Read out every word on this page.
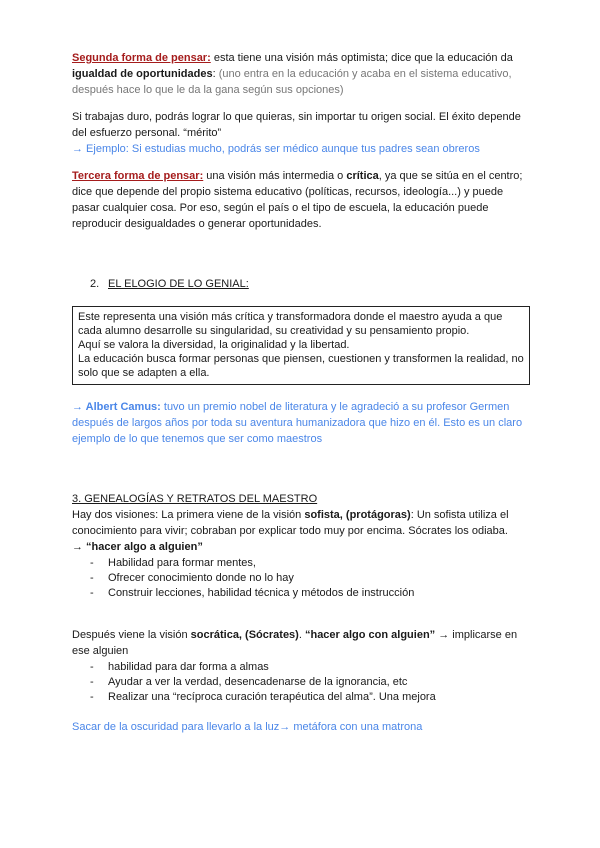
Segunda forma de pensar: esta tiene una visión más optimista; dice que la educación da igualdad de oportunidades: (uno entra en la educación y acaba en el sistema educativo, después hace lo que le da la gana según sus opciones)

Si trabajas duro, podrás lograr lo que quieras, sin importar tu origen social. El éxito depende del esfuerzo personal. “mérito”

→ Ejemplo: Si estudias mucho, podrás ser médico aunque tus padres sean obreros

Tercera forma de pensar: una visión más intermedia o crítica, ya que se sitúa en el centro; dice que depende del propio sistema educativo (políticas, recursos, ideología...) y puede pasar cualquier cosa. Por eso, según el país o el tipo de escuela, la educación puede reproducir desigualdades o generar oportunidades.

2. EL ELOGIO DE LO GENIAL:

Este representa una visión más crítica y transformadora donde el maestro ayuda a que cada alumno desarrolle su singularidad, su creatividad y su pensamiento propio.

Aquí se valora la diversidad, la originalidad y la libertad.

La educación busca formar personas que piensen, cuestionen y transformen la realidad, no solo que se adapten a ella.

→ Albert Camus: tuvo un premio nobel de literatura y le agradeció a su profesor Germen después de largos años por toda su aventura humanizadora que hizo en él. Esto es un claro ejemplo de lo que tenemos que ser como maestros

3. GENEALOGÍAS Y RETRATOS DEL MAESTRO

Hay dos visiones: La primera viene de la visión sofista, (protágoras): Un sofista utiliza el conocimiento para vivir; cobraban por explicar todo muy por encima. Sócrates los odiaba.

→ “hacer algo a alguien”

- Habilidad para formar mentes,
- Ofrecer conocimiento donde no lo hay
- Construir lecciones, habilidad técnica y métodos de instrucción

Después viene la visión socrática, (Sócrates). “hacer algo con alguien” → implicarse en ese alguien

- habilidad para dar forma a almas
- Ayudar a ver la verdad, desencadenarse de la ignorancia, etc
- Realizar una “recíproca curación terapéutica del alma”. Una mejora

Sacar de la oscuridad para llevarlo a la luz→ metáfora con una matrona
